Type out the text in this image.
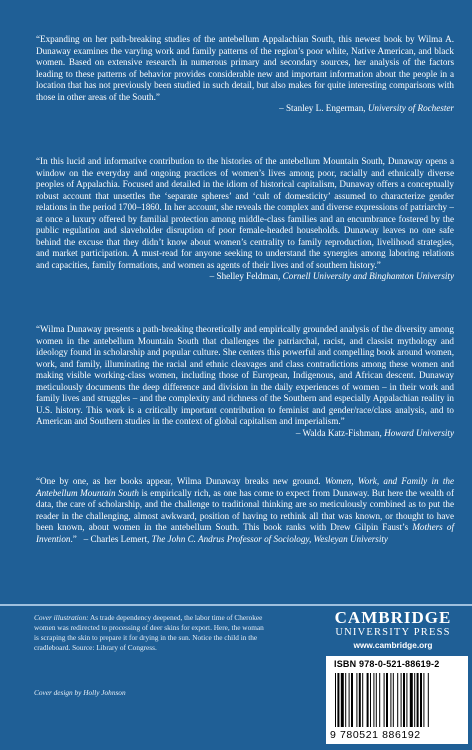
“Expanding on her path-breaking studies of the antebellum Appalachian South, this newest book by Wilma A. Dunaway examines the varying work and family patterns of the region’s poor white, Native American, and black women. Based on extensive research in numerous primary and secondary sources, her analysis of the factors leading to these patterns of behavior provides considerable new and important information about the people in a location that has not previously been studied in such detail, but also makes for quite interesting comparisons with those in other areas of the South.”

– Stanley L. Engerman, University of Rochester

“In this lucid and informative contribution to the histories of the antebellum Mountain South, Dunaway opens a window on the everyday and ongoing practices of women’s lives among poor, racially and ethnically diverse peoples of Appalachia. Focused and detailed in the idiom of historical capitalism, Dunaway offers a conceptually robust account that unsettles the ‘separate spheres’ and ‘cult of domesticity’ assumed to characterize gender relations in the period 1700–1860. In her account, she reveals the complex and diverse expressions of patriarchy – at once a luxury offered by familial protection among middle-class families and an encumbrance fostered by the public regulation and slaveholder disruption of poor female-headed households. Dunaway leaves no one safe behind the excuse that they didn’t know about women’s centrality to family reproduction, livelihood strategies, and market participation. A must-read for anyone seeking to understand the synergies among laboring relations and capacities, family formations, and women as agents of their lives and of southern history.”

– Shelley Feldman, Cornell University and Binghamton University

“Wilma Dunaway presents a path-breaking theoretically and empirically grounded analysis of the diversity among women in the antebellum Mountain South that challenges the patriarchal, racist, and classist mythology and ideology found in scholarship and popular culture. She centers this powerful and compelling book around women, work, and family, illuminating the racial and ethnic cleavages and class contradictions among these women and making visible working-class women, including those of European, Indigenous, and African descent. Dunaway meticulously documents the deep difference and division in the daily experiences of women – in their work and family lives and struggles – and the complexity and richness of the Southern and especially Appalachian reality in U.S. history. This work is a critically important contribution to feminist and gender/race/class analysis, and to American and Southern studies in the context of global capitalism and imperialism.”

– Walda Katz-Fishman, Howard University

“One by one, as her books appear, Wilma Dunaway breaks new ground. Women, Work, and Family in the Antebellum Mountain South is empirically rich, as one has come to expect from Dunaway. But here the wealth of data, the care of scholarship, and the challenge to traditional thinking are so meticulously combined as to put the reader in the challenging, almost awkward, position of having to rethink all that was known, or thought to have been known, about women in the antebellum South. This book ranks with Drew Gilpin Faust’s Mothers of Invention.” – Charles Lemert, The John C. Andrus Professor of Sociology, Wesleyan University

Cover illustration: As trade dependency deepened, the labor time of Cherokee women was redirected to processing of deer skins for export. Here, the woman is scraping the skin to prepare it for drying in the sun. Notice the child in the cradleboard. Source: Library of Congress.
Cover design by Holly Johnson
CAMBRIDGE
UNIVERSITY PRESS
www.cambridge.org
ISBN 978-0-521-88619-2
9 780521 886192
